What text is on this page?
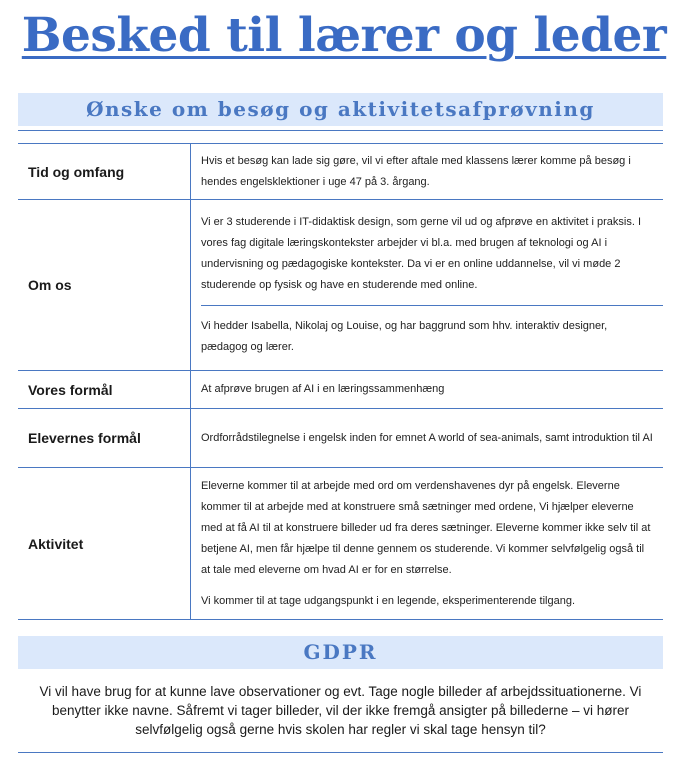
Besked til lærer og leder
Ønske om besøg og aktivitetsafprøvning
Tid og omfang	Hvis et besøg kan lade sig gøre, vil vi efter aftale med klassens lærer komme på besøg i hendes engelsklektioner i uge 47 på 3. årgang.

Om os	Vi er 3 studerende i IT-didaktisk design, som gerne vil ud og afprøve en aktivitet i praksis. I vores fag digitale læringskontekster arbejder vi bl.a. med brugen af teknologi og AI i undervisning og pædagogiske kontekster. Da vi er en online uddannelse, vil vi møde 2 studerende op fysisk og have en studerende med online.

Vi hedder Isabella, Nikolaj og Louise, og har baggrund som hhv. interaktiv designer, pædagog og lærer.

Vores formål	At afprøve brugen af AI i en læringssammenhæng

Elevernes formål	Ordforrådstilegnelse i engelsk inden for emnet A world of sea-animals, samt introduktion til AI

Aktivitet	Eleverne kommer til at arbejde med ord om verdenshavenes dyr på engelsk. Eleverne kommer til at arbejde med at konstruere små sætninger med ordene, Vi hjælper eleverne med at få AI til at konstruere billeder ud fra deres sætninger. Eleverne kommer ikke selv til at betjene AI, men får hjælpe til denne gennem os studerende. Vi kommer selvfølgelig også til at tale med eleverne om hvad AI er for en størrelse.

Vi kommer til at tage udgangspunkt i en legende, eksperimenterende tilgang.

GDPR

Vi vil have brug for at kunne lave observationer og evt. Tage nogle billeder af arbejdssituationerne. Vi benytter ikke navne. Såfremt vi tager billeder, vil der ikke fremgå ansigter på billederne – vi hører selvfølgelig også gerne hvis skolen har regler vi skal tage hensyn til?
